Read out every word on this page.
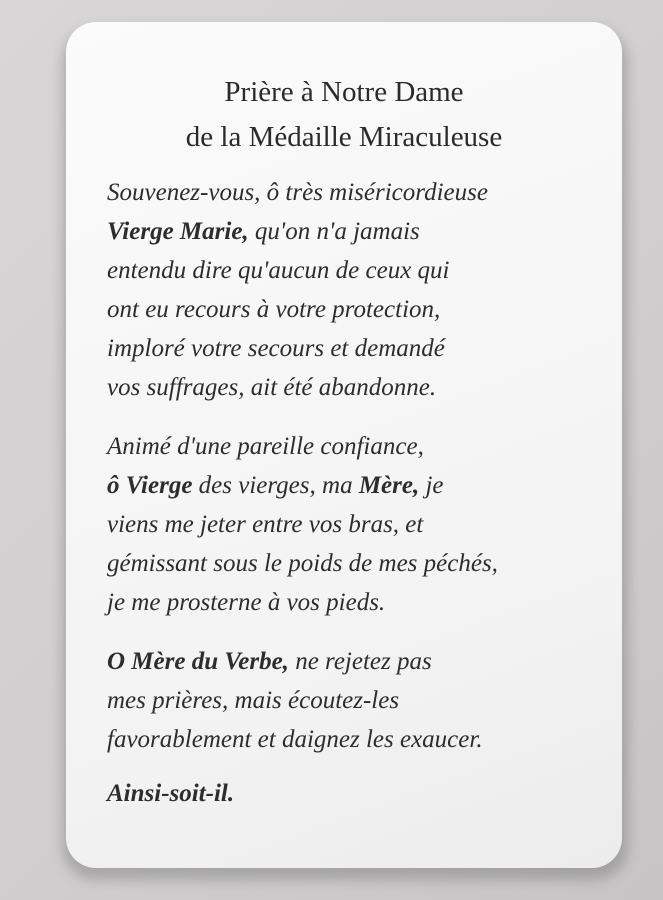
Prière à Notre Dame
de la Médaille Miraculeuse
Souvenez-vous, ô très miséricordieuse
Vierge Marie, qu'on n'a jamais
entendu dire qu'aucun de ceux qui
ont eu recours à votre protection,
imploré votre secours et demandé
vos suffrages, ait été abandonne.
Animé d'une pareille confiance,
ô Vierge des vierges, ma Mère, je
viens me jeter entre vos bras, et
gémissant sous le poids de mes péchés,
je me prosterne à vos pieds.
O Mère du Verbe, ne rejetez pas
mes prières, mais écoutez-les
favorablement et daignez les exaucer.
Ainsi-soit-il.
